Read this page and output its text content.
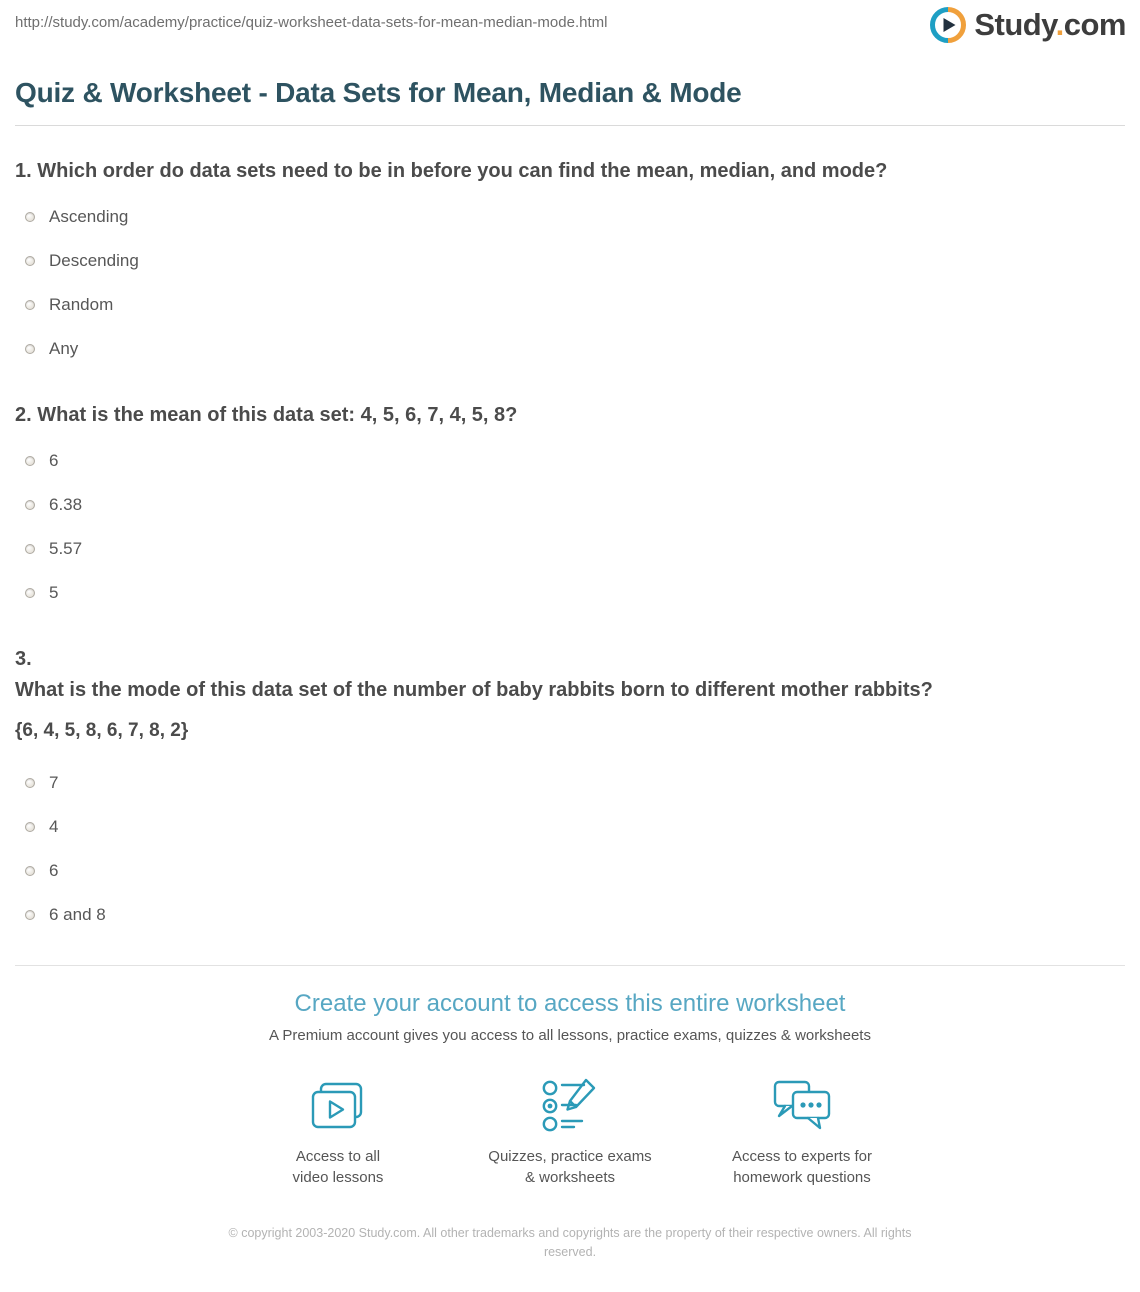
http://study.com/academy/practice/quiz-worksheet-data-sets-for-mean-median-mode.html	Study.com
Quiz & Worksheet - Data Sets for Mean, Median & Mode
1. Which order do data sets need to be in before you can find the mean, median, and mode?
Ascending
Descending
Random
Any
2. What is the mean of this data set: 4, 5, 6, 7, 4, 5, 8?
6
6.38
5.57
5
3.
What is the mode of this data set of the number of baby rabbits born to different mother rabbits?
{6, 4, 5, 8, 6, 7, 8, 2}
7
4
6
6 and 8
Create your account to access this entire worksheet
A Premium account gives you access to all lessons, practice exams, quizzes & worksheets
Access to all
video lessons
Quizzes, practice exams
& worksheets
Access to experts for
homework questions
© copyright 2003-2020 Study.com. All other trademarks and copyrights are the property of their respective owners. All rights reserved.
